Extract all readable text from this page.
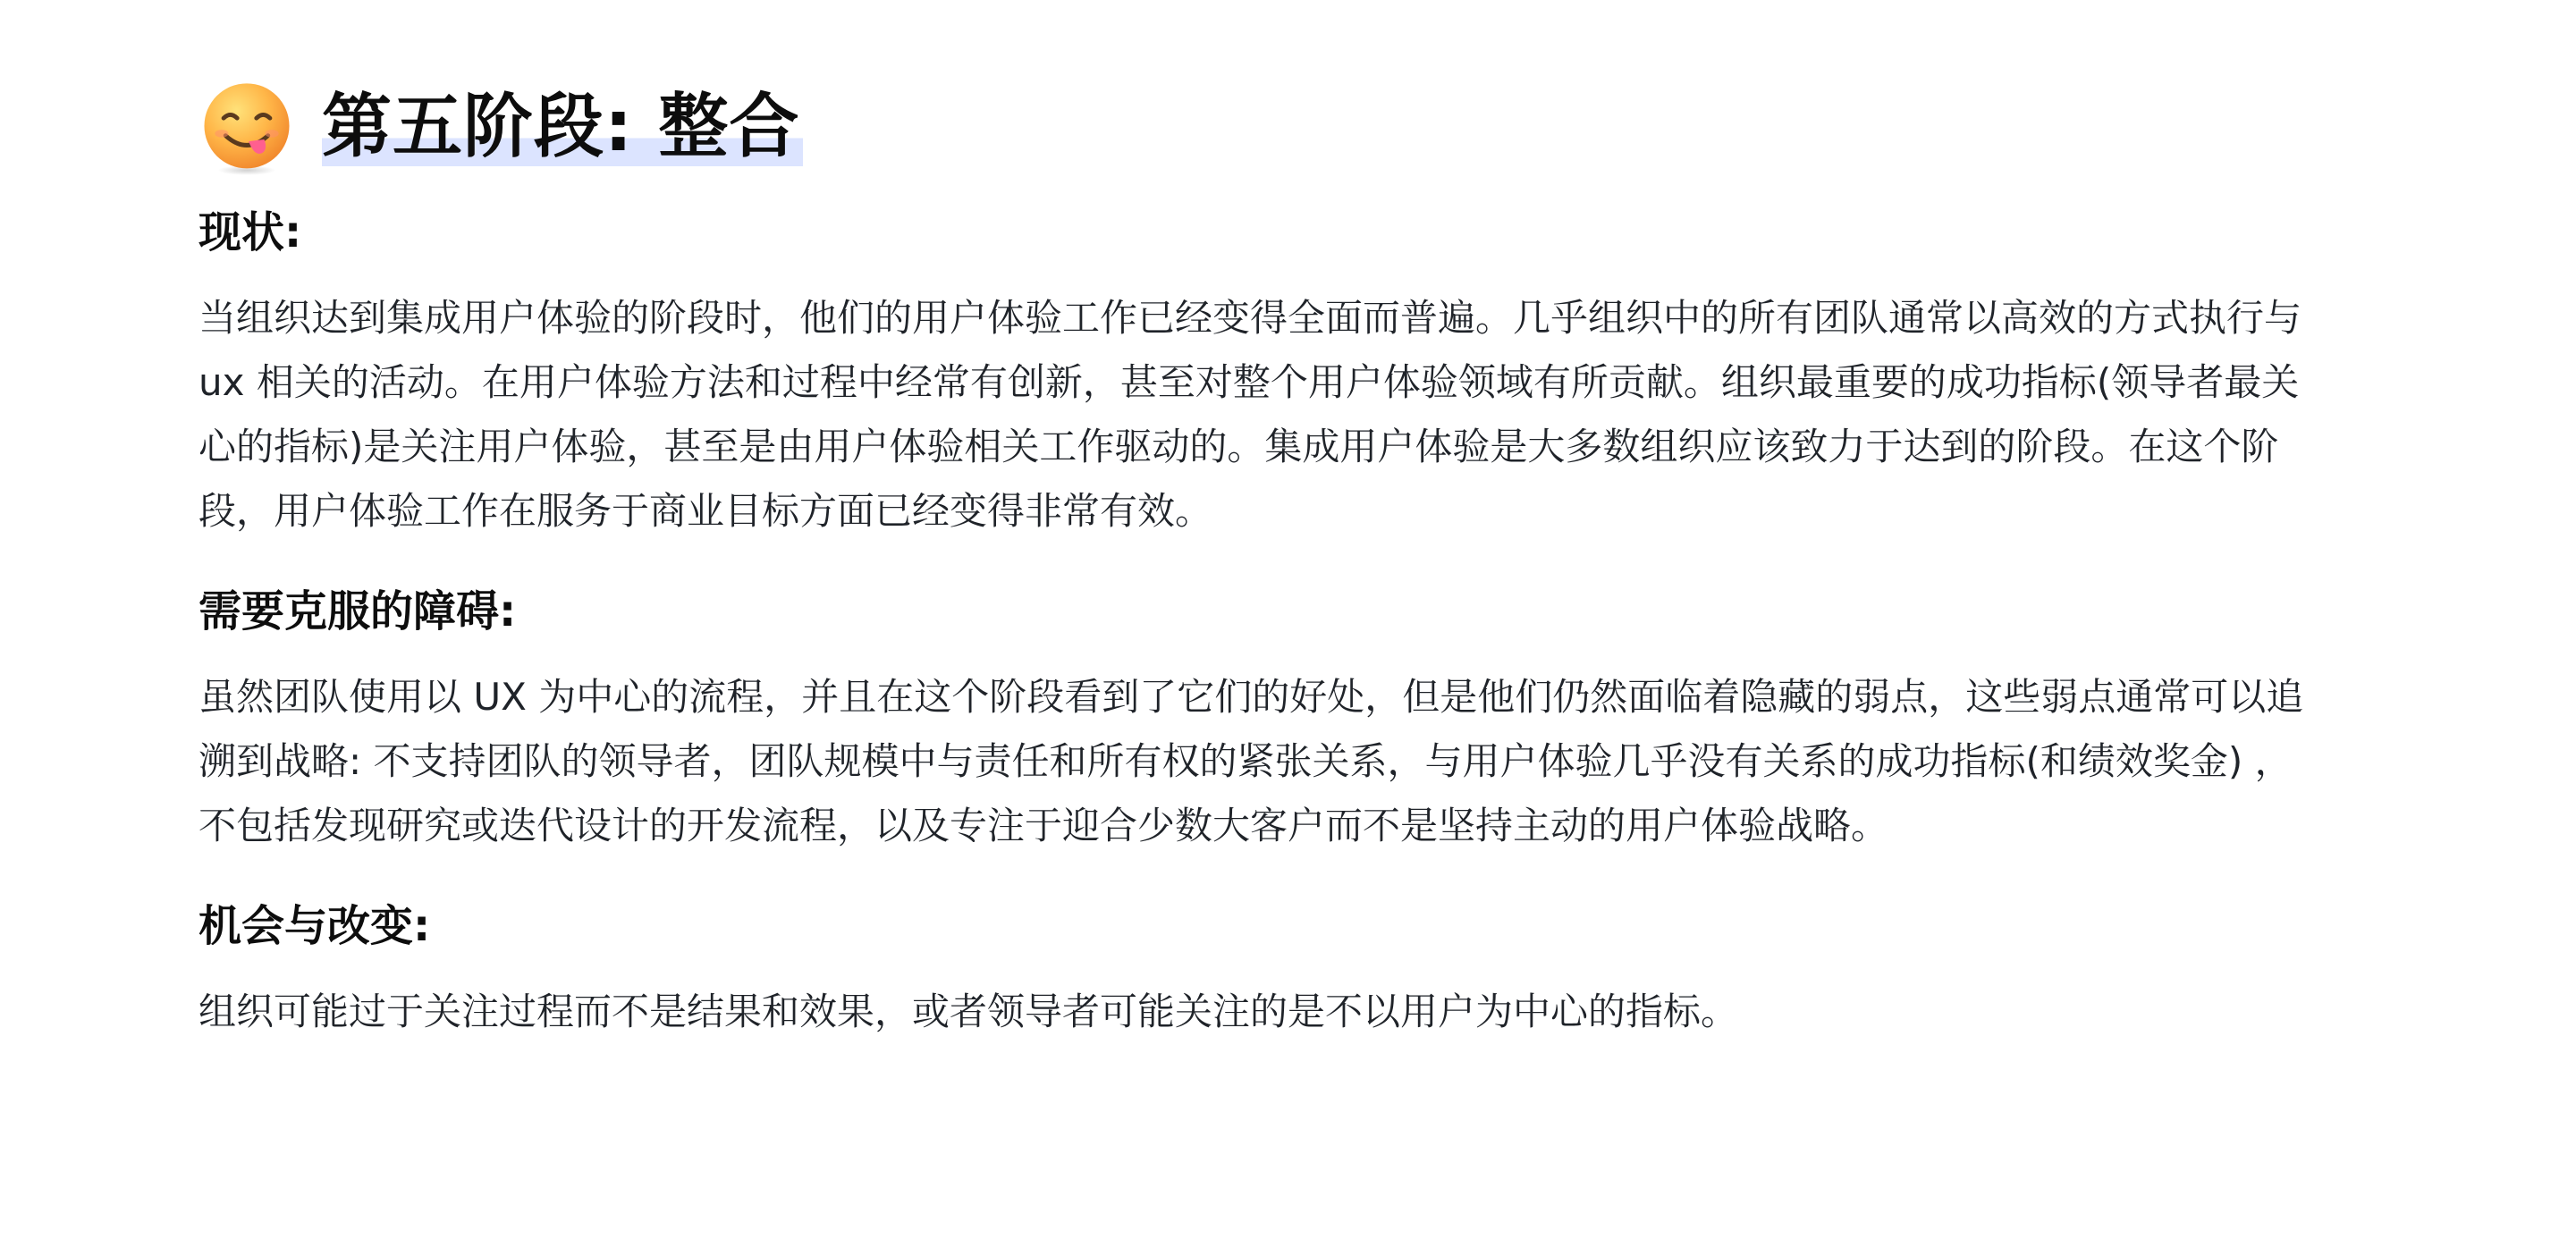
第五阶段: 整合
现状:

当组织达到集成用户体验的阶段时，他们的用户体验工作已经变得全面而普遍。几乎组织中的所有团队通常以高效的方式执行与 ux 相关的活动。在用户体验方法和过程中经常有创新，甚至对整个用户体验领域有所贡献。组织最重要的成功指标(领导者最关心的指标)是关注用户体验，甚至是由用户体验相关工作驱动的。集成用户体验是大多数组织应该致力于达到的阶段。在这个阶段，用户体验工作在服务于商业目标方面已经变得非常有效。

需要克服的障碍:

虽然团队使用以 UX 为中心的流程，并且在这个阶段看到了它们的好处，但是他们仍然面临着隐藏的弱点，这些弱点通常可以追溯到战略: 不支持团队的领导者，团队规模中与责任和所有权的紧张关系，与用户体验几乎没有关系的成功指标(和绩效奖金) ，不包括发现研究或迭代设计的开发流程，以及专注于迎合少数大客户而不是坚持主动的用户体验战略。

机会与改变:

组织可能过于关注过程而不是结果和效果，或者领导者可能关注的是不以用户为中心的指标。
